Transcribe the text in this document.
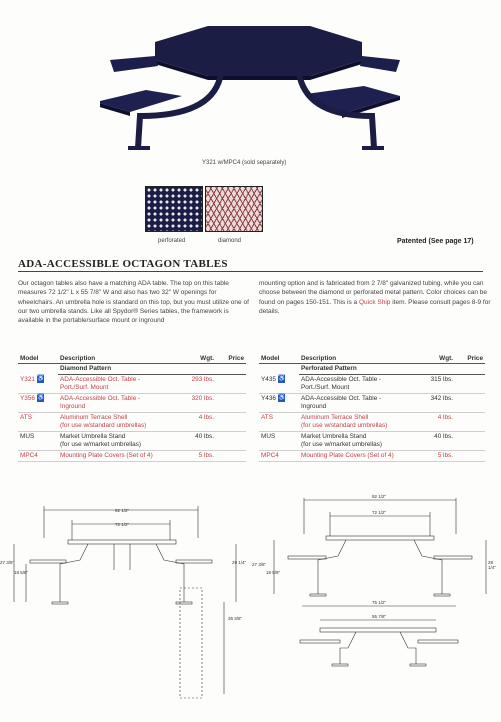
Y321 w/MPC4 (sold separately)
perforated	diamond	Patented (See page 17)
ADA-ACCESSIBLE OCTAGON TABLES
Our octagon tables also have a matching ADA table. The top on this table measures 72 1/2" L x 55 7/8" W and also has two 32" W openings for wheelchairs. An umbrella hole is standard on this top, but you must utilize one of our two umbrella stands. Like all Spydor® Series tables, the framework is available in the portable/surface mount or inground
mounting option and is fabricated from 2 7/8" galvanized tubing, while you can choose between the diamond or perforated metal pattern. Color choices can be found on pages 150-151. This is a Quick Ship item. Please consult pages 8-9 for details.
Model	Description	Wgt.	Price
	Diamond Pattern		
Y321 ♿	ADA-Accessible Oct. Table -
Port./Surf. Mount	293 lbs.	
Y356 ♿	ADA-Accessible Oct. Table -
Inground	320 lbs.	
ATS	Aluminum Terrace Shell
(for use w/standard umbrellas)	4 lbs.	
MUS	Market Umbrella Stand
(for use w/market umbrellas)	40 lbs.	
MPC4	Mounting Plate Covers (Set of 4)	5 lbs.	
Model	Description	Wgt.	Price
	Perforated Pattern		
Y435 ♿	ADA-Accessible Oct. Table -
Port./Surf. Mount	315 lbs.	
Y436 ♿	ADA-Accessible Oct. Table -
Inground	342 lbs.	
ATS	Aluminum Terrace Shell
(for use w/standard umbrellas)	4 lbs.	
MUS	Market Umbrella Stand
(for use w/market umbrellas)	40 lbs.	
MPC4	Mounting Plate Covers (Set of 4)	5 lbs.	
92 1/2"
72 1/2"
29 1/4"
27 3/8"
18 5/8"
36 3/8"
92 1/2"
72 1/2"
29 1/4"
27 3/8"
18 5/8"
75 1/2"
55 7/8"
